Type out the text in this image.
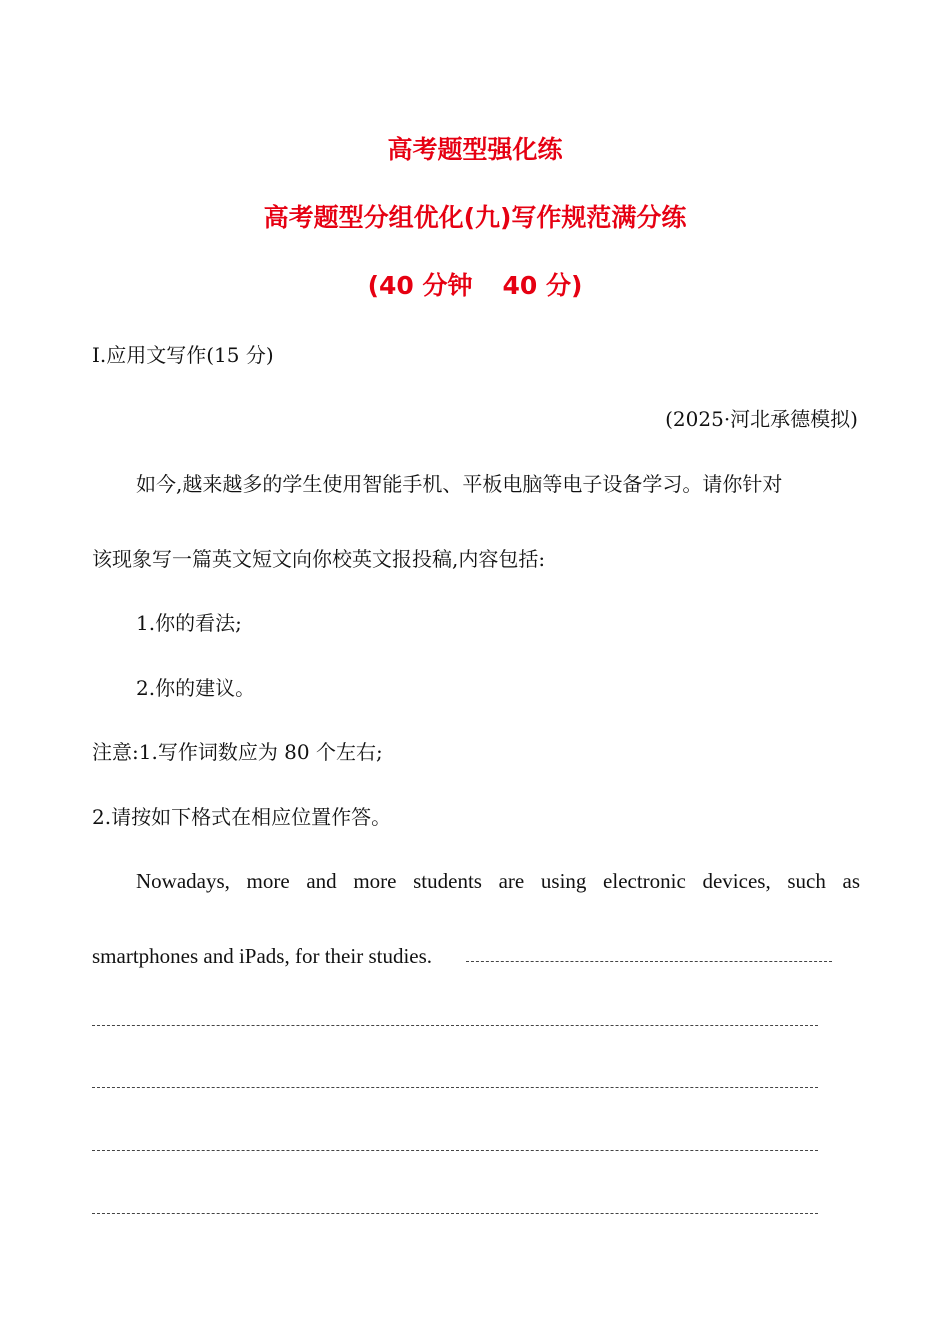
高考题型强化练
高考题型分组优化(九)写作规范满分练
(40 分钟 40 分)
Ⅰ.应用文写作(15 分)
(2025·河北承德模拟)
如今,越来越多的学生使用智能手机、平板电脑等电子设备学习。请你针对
该现象写一篇英文短文向你校英文报投稿,内容包括:
1.你的看法;
2.你的建议。
注意:1.写作词数应为 80 个左右;
2.请按如下格式在相应位置作答。
Nowadays, more and more students are using electronic devices, such as
smartphones and iPads, for their studies.
